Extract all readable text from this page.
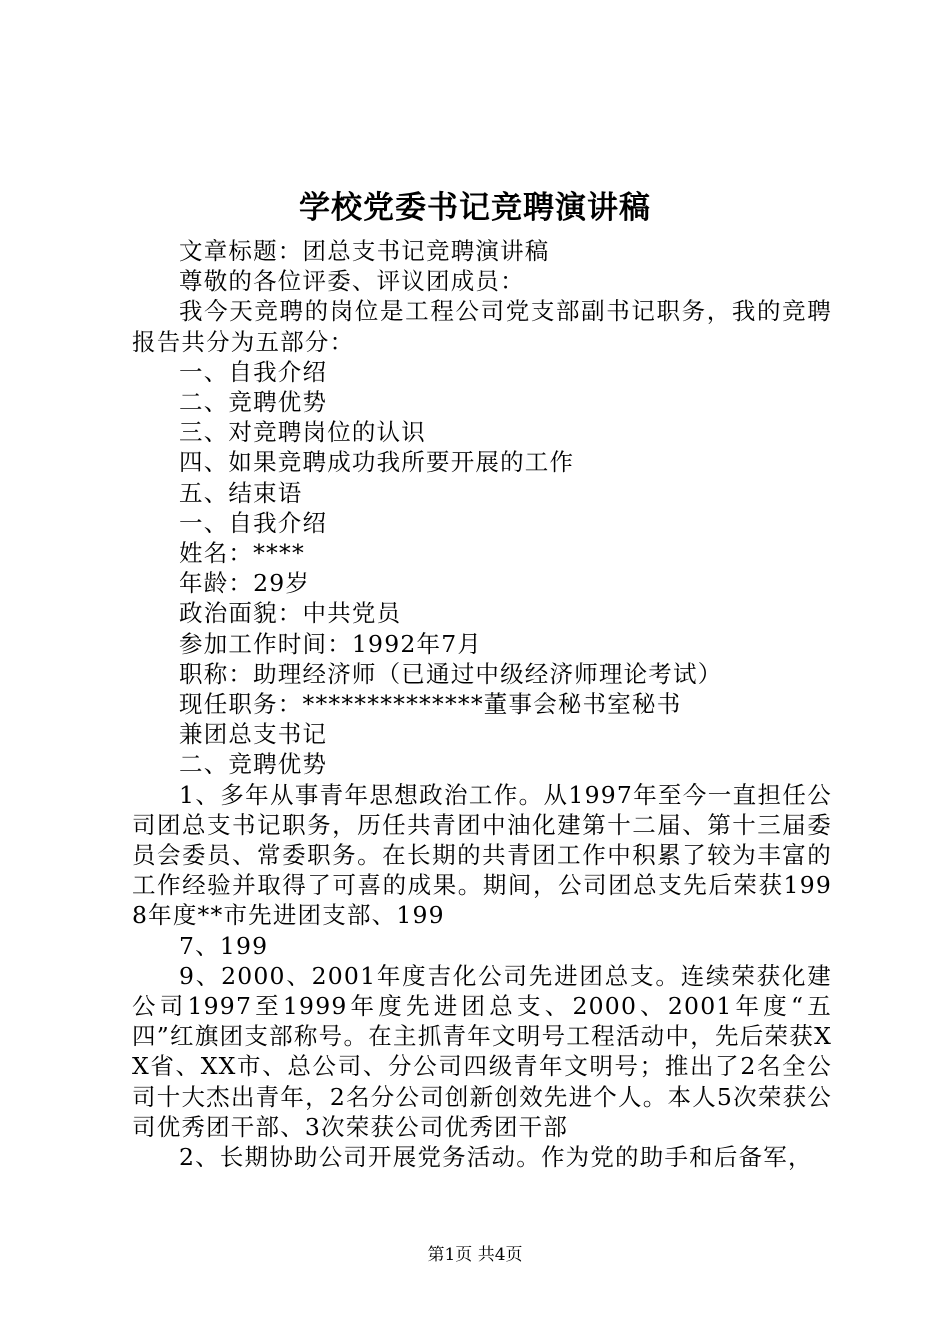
学校党委书记竞聘演讲稿

文章标题：团总支书记竞聘演讲稿

尊敬的各位评委、评议团成员：

我今天竞聘的岗位是工程公司党支部副书记职务，我的竞聘报告共分为五部分：

一、自我介绍

二、竞聘优势

三、对竞聘岗位的认识

四、如果竞聘成功我所要开展的工作

五、结束语

一、自我介绍

姓名：****

年龄：29岁

政治面貌：中共党员

参加工作时间：1992年7月

职称：助理经济师（已通过中级经济师理论考试）

现任职务：**************董事会秘书室秘书

兼团总支书记

二、竞聘优势

1、多年从事青年思想政治工作。从1997年至今一直担任公司团总支书记职务，历任共青团中油化建第十二届、第十三届委员会委员、常委职务。在长期的共青团工作中积累了较为丰富的工作经验并取得了可喜的成果。期间，公司团总支先后荣获1998年度**市先进团支部、199

7、199

9、2000、2001年度吉化公司先进团总支。连续荣获化建公司1997至1999年度先进团总支、2000、2001年度“五四”红旗团支部称号。在主抓青年文明号工程活动中，先后荣获XX省、XX市、总公司、分公司四级青年文明号；推出了2名全公司十大杰出青年，2名分公司创新创效先进个人。本人5次荣获公司优秀团干部、3次荣获公司优秀团干部

2、长期协助公司开展党务活动。作为党的助手和后备军，

第1页 共4页
